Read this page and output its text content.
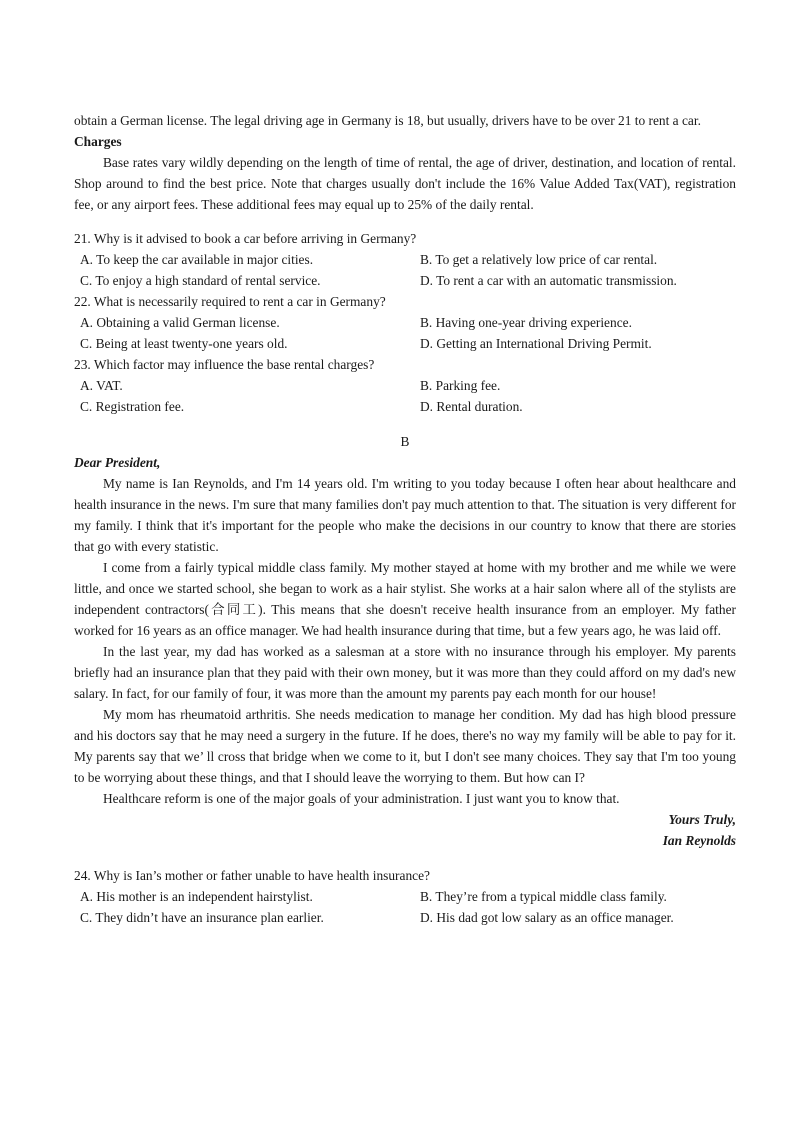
obtain a German license. The legal driving age in Germany is 18, but usually, drivers have to be over 21 to rent a car.

Charges

Base rates vary wildly depending on the length of time of rental, the age of driver, destination, and location of rental. Shop around to find the best price. Note that charges usually don't include the 16% Value Added Tax(VAT), registration fee, or any airport fees. These additional fees may equal up to 25% of the daily rental.

21. Why is it advised to book a car before arriving in Germany?

A. To keep the car available in major cities.	B. To get a relatively low price of car rental.
C. To enjoy a high standard of rental service.	D. To rent a car with an automatic transmission.

22. What is necessarily required to rent a car in Germany?

A. Obtaining a valid German license.	B. Having one-year driving experience.
C. Being at least twenty-one years old.	D. Getting an International Driving Permit.

23. Which factor may influence the base rental charges?

A. VAT.	B. Parking fee.
C. Registration fee.	D. Rental duration.

B

Dear President,

My name is Ian Reynolds, and I'm 14 years old. I'm writing to you today because I often hear about healthcare and health insurance in the news. I'm sure that many families don't pay much attention to that. The situation is very different for my family. I think that it's important for the people who make the decisions in our country to know that there are stories that go with every statistic.

I come from a fairly typical middle class family. My mother stayed at home with my brother and me while we were little, and once we started school, she began to work as a hair stylist. She works at a hair salon where all of the stylists are independent contractors(合同工). This means that she doesn't receive health insurance from an employer. My father worked for 16 years as an office manager. We had health insurance during that time, but a few years ago, he was laid off.

In the last year, my dad has worked as a salesman at a store with no insurance through his employer. My parents briefly had an insurance plan that they paid with their own money, but it was more than they could afford on my dad's new salary. In fact, for our family of four, it was more than the amount my parents pay each month for our house!

My mom has rheumatoid arthritis. She needs medication to manage her condition. My dad has high blood pressure and his doctors say that he may need a surgery in the future. If he does, there's no way my family will be able to pay for it. My parents say that we’ ll cross that bridge when we come to it, but I don't see many choices. They say that I'm too young to be worrying about these things, and that I should leave the worrying to them. But how can I?

Healthcare reform is one of the major goals of your administration. I just want you to know that.

Yours Truly,

Ian Reynolds

24. Why is Ian’s mother or father unable to have health insurance?

A. His mother is an independent hairstylist.	B. They’re from a typical middle class family.
C. They didn’t have an insurance plan earlier.	D. His dad got low salary as an office manager.
